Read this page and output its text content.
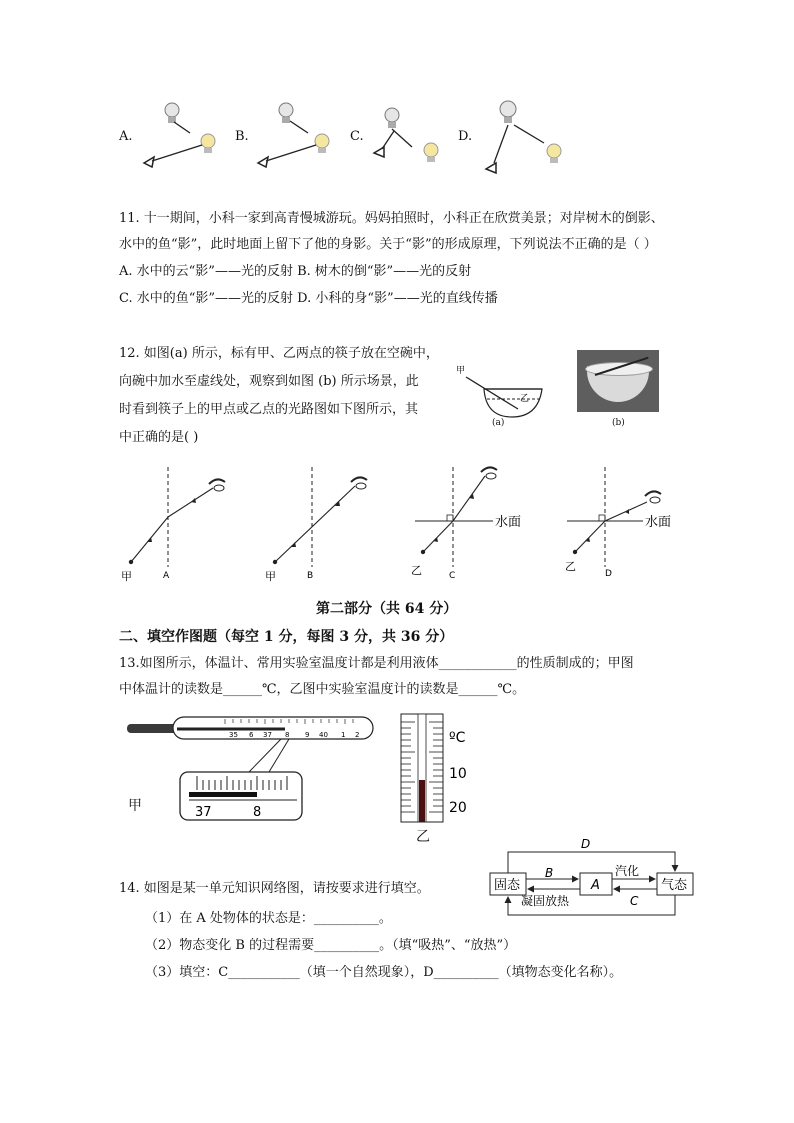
A.	B.	C.	D.
11. 十一期间，小科一家到高青慢城游玩。妈妈拍照时，小科正在欣赏美景；对岸树木的倒影、
水中的鱼“影”，此时地面上留下了他的身影。关于“影”的形成原理，下列说法不正确的是（ ）
A. 水中的云“影”——光的反射 B. 树木的倒“影”——光的反射
C. 水中的鱼“影”——光的反射 D. 小科的身“影”——光的直线传播
12. 如图(a) 所示，标有甲、乙两点的筷子放在空碗中，
向碗中加水至虚线处，观察到如图 (b) 所示场景，此
时看到筷子上的甲点或乙点的光路图如下图所示，其
中正确的是( )
甲
乙
(a)	(b)
甲	A	甲	B
水面
乙	C
水面
乙
D
第二部分（共 64 分）
二、填空作图题（每空 1 分，每图 3 分，共 36 分）
13.如图所示，体温计、常用实验室温度计都是利用液体____________的性质制成的；甲图
中体温计的读数是______℃，乙图中实验室温度计的读数是______℃。
35 6 37 8 9 40 1 2
37	8
甲
ºC
10
20
乙
14. 如图是某一单元知识网络图，请按要求进行填空。	固态	A	气态
D
B
凝固放热
汽化
C
（1）在 A 处物体的状态是：__________。
（2）物态变化 B 的过程需要__________。（填“吸热”、“放热”）
（3）填空：C___________（填一个自然现象），D__________（填物态变化名称）。
